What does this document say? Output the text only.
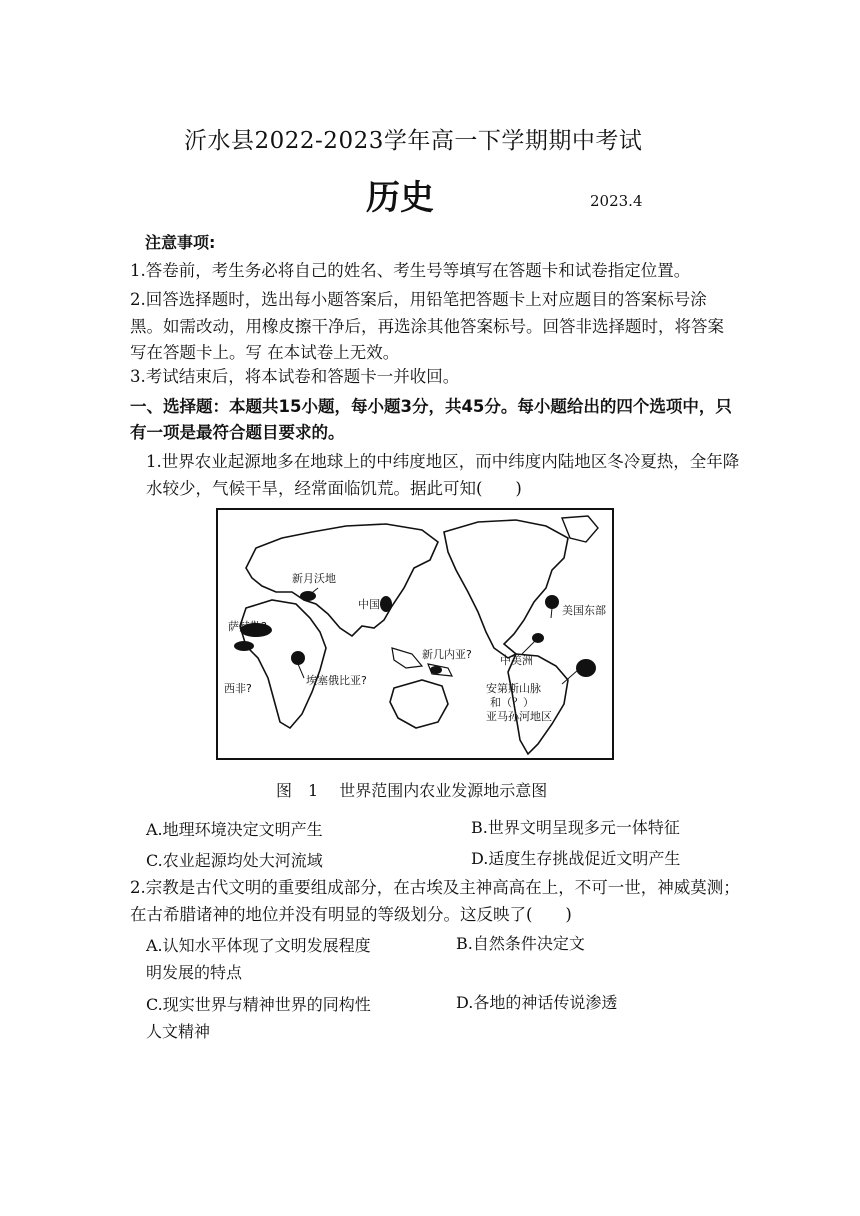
沂水县2022-2023学年高一下学期期中考试
历史	2023.4
注意事项:
1.答卷前，考生务必将自己的姓名、考生号等填写在答题卡和试卷指定位置。
2.回答选择题时，选出每小题答案后，用铅笔把答题卡上对应题目的答案标号涂黑。如需改动，用橡皮擦干净后，再选涂其他答案标号。回答非选择题时，将答案写在答题卡上。写 在本试卷上无效。
3.考试结束后，将本试卷和答题卡一并收回。
一、选择题：本题共15小题，每小题3分，共45分。每小题给出的四个选项中，只有一项是最符合题目要求的。
1.世界农业起源地多在地球上的中纬度地区，而中纬度内陆地区冬冷夏热，全年降水较少，气候干旱，经常面临饥荒。据此可知(　　)
新月沃地
中国
萨赫勒?
西非?
埃塞俄比亚?
新几内亚?
美国东部
中美洲
安第斯山脉
和（？）
亚马孙河地区
图　1　 世界范围内农业发源地示意图
A.地理环境决定文明产生	B.世界文明呈现多元一体特征
C.农业起源均处大河流域	D.适度生存挑战促近文明产生
2.宗教是古代文明的重要组成部分，在古埃及主神高高在上，不可一世，神威莫测；在古希腊诸神的地位并没有明显的等级划分。这反映了(　　)
A.认知水平体现了文明发展程度	B.自然条件决定文
明发展的特点
C.现实世界与精神世界的同构性	D.各地的神话传说渗透
人文精神
